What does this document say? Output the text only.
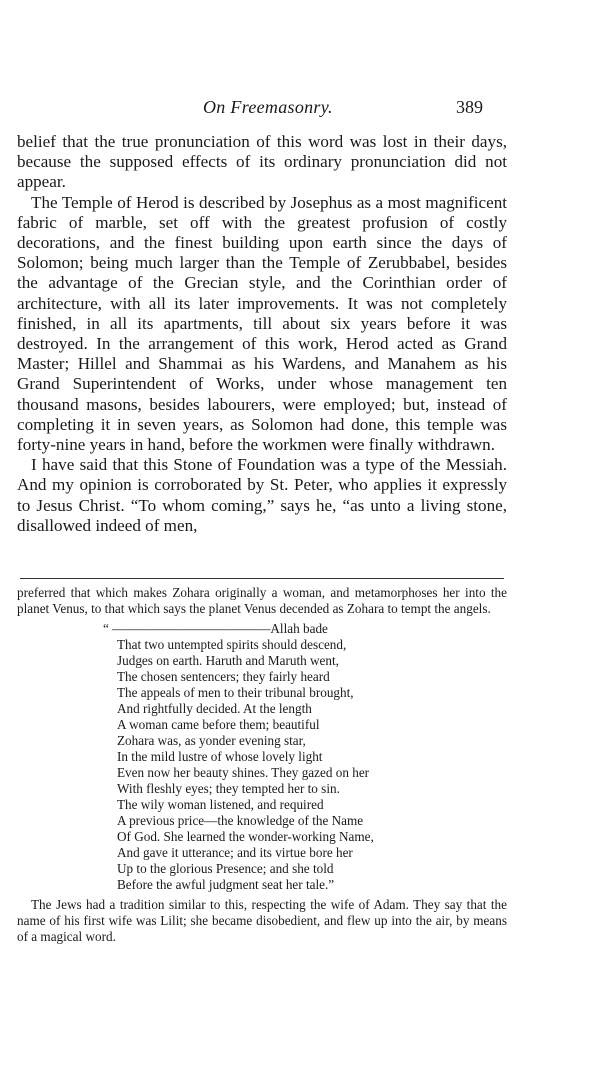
On Freemasonry.	389

belief that the true pronunciation of this word was lost in their days, because the supposed effects of its ordinary pronunciation did not appear.

The Temple of Herod is described by Josephus as a most magnificent fabric of marble, set off with the greatest profusion of costly decorations, and the finest building upon earth since the days of Solomon; being much larger than the Temple of Zerubbabel, besides the advantage of the Grecian style, and the Corinthian order of architecture, with all its later improvements. It was not completely finished, in all its apartments, till about six years before it was destroyed. In the arrangement of this work, Herod acted as Grand Master; Hillel and Shammai as his Wardens, and Manahem as his Grand Superintendent of Works, under whose management ten thousand masons, besides labourers, were employed; but, instead of completing it in seven years, as Solomon had done, this temple was forty-nine years in hand, before the workmen were finally withdrawn.

I have said that this Stone of Foundation was a type of the Messiah. And my opinion is corroborated by St. Peter, who applies it expressly to Jesus Christ. “To whom coming,” says he, “as unto a living stone, disallowed indeed of men,

preferred that which makes Zohara originally a woman, and metamorphoses her into the planet Venus, to that which says the planet Venus decended as Zohara to tempt the angels.

“ ————————————Allah bade
That two untempted spirits should descend,
Judges on earth. Haruth and Maruth went,
The chosen sentencers; they fairly heard
The appeals of men to their tribunal brought,
And rightfully decided. At the length
A woman came before them; beautiful
Zohara was, as yonder evening star,
In the mild lustre of whose lovely light
Even now her beauty shines. They gazed on her
With fleshly eyes; they tempted her to sin.
The wily woman listened, and required
A previous price—the knowledge of the Name
Of God. She learned the wonder-working Name,
And gave it utterance; and its virtue bore her
Up to the glorious Presence; and she told
Before the awful judgment seat her tale.”

The Jews had a tradition similar to this, respecting the wife of Adam. They say that the name of his first wife was Lilit; she became disobedient, and flew up into the air, by means of a magical word.
